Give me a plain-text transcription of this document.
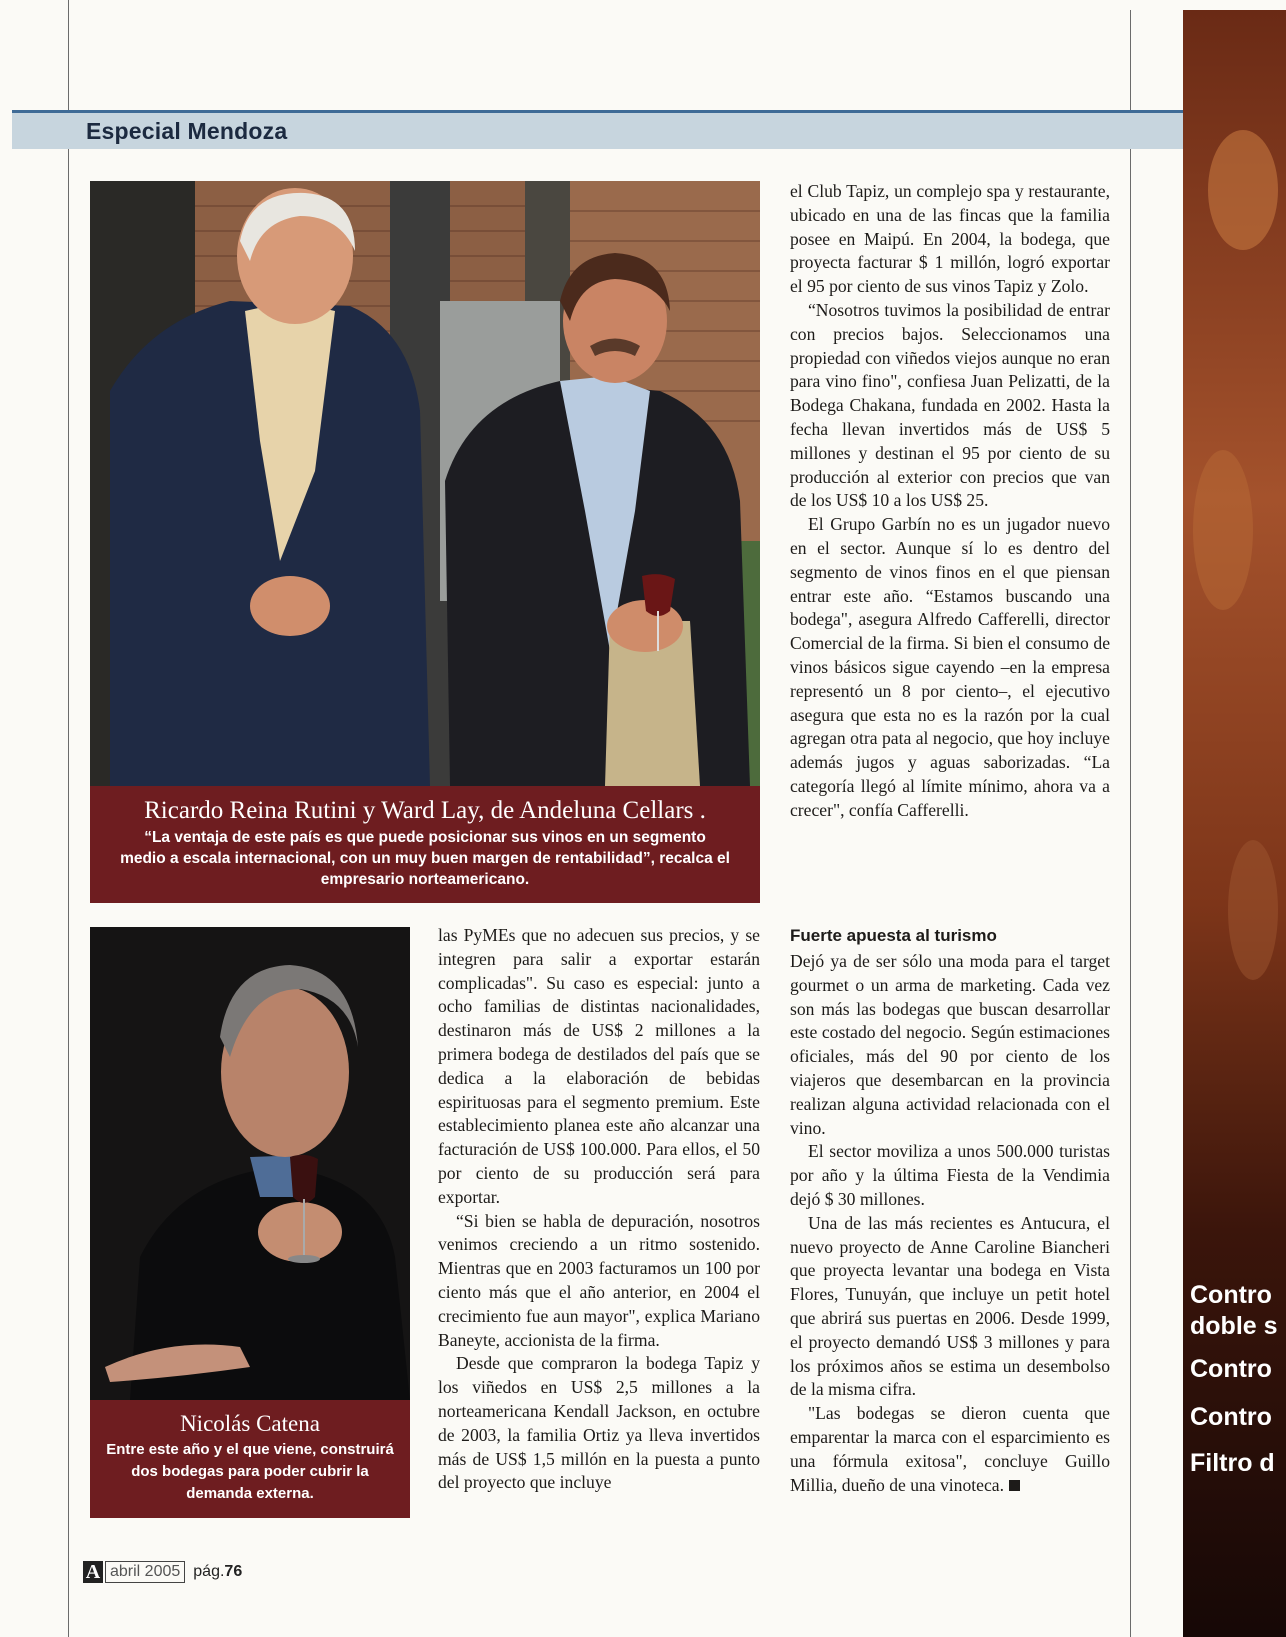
Especial Mendoza
Ricardo Reina Rutini y Ward Lay, de Andeluna Cellars .
“La ventaja de este país es que puede posicionar sus vinos en un segmento medio a escala internacional, con un muy buen margen de rentabilidad”, recalca el empresario norteamericano.
Nicolás Catena
Entre este año y el que viene, construirá dos bodegas para poder cubrir la demanda externa.

las PyMEs que no adecuen sus precios, y se integren para salir a exportar estarán complicadas". Su caso es especial: junto a ocho familias de distintas nacionalidades, destinaron más de US$ 2 millones a la primera bodega de destilados del país que se dedica a la elaboración de bebidas espirituosas para el segmento premium. Este establecimiento planea este año alcanzar una facturación de US$ 100.000. Para ellos, el 50 por ciento de su producción será para exportar.

“Si bien se habla de depuración, nosotros venimos creciendo a un ritmo sostenido. Mientras que en 2003 facturamos un 100 por ciento más que el año anterior, en 2004 el crecimiento fue aun mayor", explica Mariano Baneyte, accionista de la firma.

Desde que compraron la bodega Tapiz y los viñedos en US$ 2,5 millones a la norteamericana Kendall Jackson, en octubre de 2003, la familia Ortiz ya lleva invertidos más de US$ 1,5 millón en la puesta a punto del proyecto que incluye

el Club Tapiz, un complejo spa y restaurante, ubicado en una de las fincas que la familia posee en Maipú. En 2004, la bodega, que proyecta facturar $ 1 millón, logró exportar el 95 por ciento de sus vinos Tapiz y Zolo.

“Nosotros tuvimos la posibilidad de entrar con precios bajos. Seleccionamos una propiedad con viñedos viejos aunque no eran para vino fino", confiesa Juan Pelizatti, de la Bodega Chakana, fundada en 2002. Hasta la fecha llevan invertidos más de US$ 5 millones y destinan el 95 por ciento de su producción al exterior con precios que van de los US$ 10 a los US$ 25.

El Grupo Garbín no es un jugador nuevo en el sector. Aunque sí lo es dentro del segmento de vinos finos en el que piensan entrar este año. “Estamos buscando una bodega", asegura Alfredo Cafferelli, director Comercial de la firma. Si bien el consumo de vinos básicos sigue cayendo –en la empresa representó un 8 por ciento–, el ejecutivo asegura que esta no es la razón por la cual agregan otra pata al negocio, que hoy incluye además jugos y aguas saborizadas. “La categoría llegó al límite mínimo, ahora va a crecer", confía Cafferelli.

Fuerte apuesta al turismo

Dejó ya de ser sólo una moda para el target gourmet o un arma de marketing. Cada vez son más las bodegas que buscan desarrollar este costado del negocio. Según estimaciones oficiales, más del 90 por ciento de los viajeros que desembarcan en la provincia realizan alguna actividad relacionada con el vino.

El sector moviliza a unos 500.000 turistas por año y la última Fiesta de la Vendimia dejó $ 30 millones.

Una de las más recientes es Antucura, el nuevo proyecto de Anne Caroline Biancheri que proyecta levantar una bodega en Vista Flores, Tunuyán, que incluye un petit hotel que abrirá sus puertas en 2006. Desde 1999, el proyecto demandó US$ 3 millones y para los próximos años se estima un desembolso de la misma cifra.

"Las bodegas se dieron cuenta que emparentar la marca con el esparcimiento es una fórmula exitosa", concluye Guillo Millia, dueño de una vinoteca.

Contro
doble s
Contro
Contro
Filtro d
A abril 2005 pág.76
